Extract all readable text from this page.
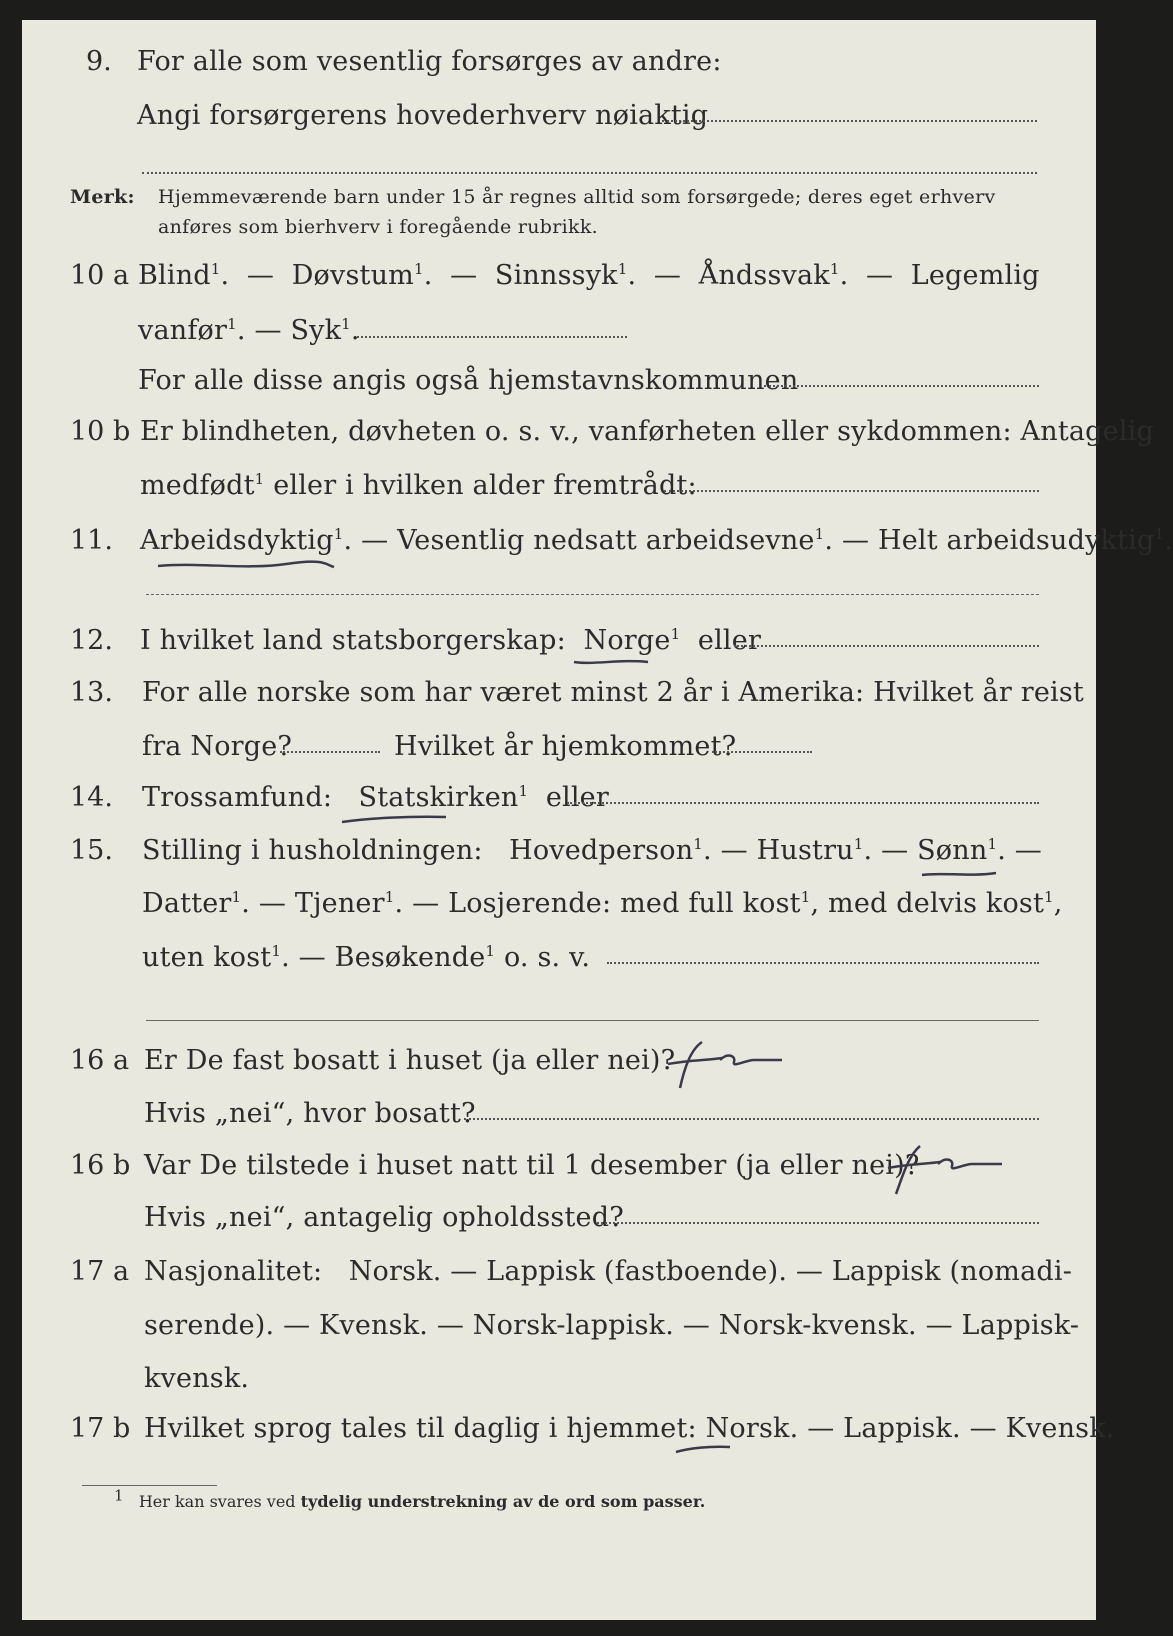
9. For alle som vesentlig forsørges av andre:
Angi forsørgerens hovederhverv nøiaktig
Merk: Hjemmeværende barn under 15 år regnes alltid som forsørgede; deres eget erhverv
anføres som bierhverv i foregående rubrikk.
10 a Blind$^1$. — Døvstum$^1$. — Sinnssyk$^1$. — Åndssvak$^1$. — Legemlig
vanfør$^1$. — Syk$^1$.
For alle disse angis også hjemstavnskommunen
10 b Er blindheten, døvheten o. s. v., vanførheten eller sykdommen: Antagelig
medfødt$^1$ eller i hvilken alder fremtrådt:
11. Arbeidsdyktig$^1$. — Vesentlig nedsatt arbeidsevne$^1$. — Helt arbeidsudyktig$^1$.
12. I hvilket land statsborgerskap: Norge$^1$ eller
13. For alle norske som har været minst 2 år i Amerika: Hvilket år reist
fra Norge?	Hvilket år hjemkommet?
14. Trossamfund: Statskirken$^1$ eller
15. Stilling i husholdningen: Hovedperson$^1$. — Hustru$^1$. — Sønn$^1$. —
Datter$^1$. — Tjener$^1$. — Losjerende: med full kost$^1$, med delvis kost$^1$,
uten kost$^1$. — Besøkende$^1$ o. s. v.
16 a Er De fast bosatt i huset (ja eller nei)?
Hvis „nei“, hvor bosatt?
16 b Var De tilstede i huset natt til 1 desember (ja eller nei)?
Hvis „nei“, antagelig opholdssted?
17 a Nasjonalitet: Norsk. — Lappisk (fastboende). — Lappisk (nomadi-
serende). — Kvensk. — Norsk-lappisk. — Norsk-kvensk. — Lappisk-
kvensk.
17 b Hvilket sprog tales til daglig i hjemmet: Norsk. — Lappisk. — Kvensk.
1 Her kan svares ved tydelig understrekning av de ord som passer.
